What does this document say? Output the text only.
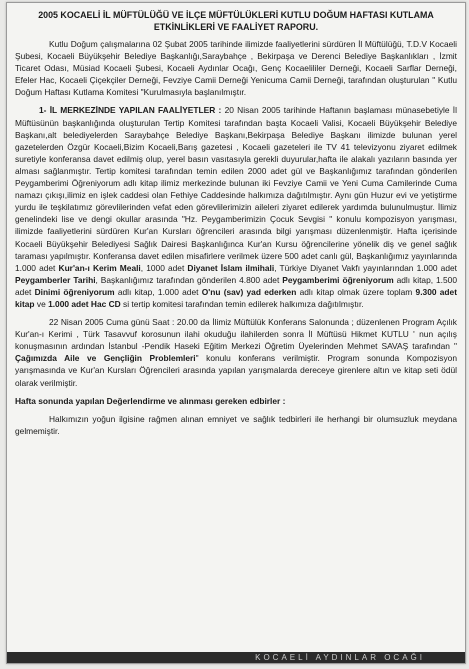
2005 KOCAELİ İL MÜFTÜLÜĞÜ VE İLÇE MÜFTÜLÜKLERİ KUTLU DOĞUM HAFTASI KUTLAMA ETKİNLİKLERİ VE FAALİYET RAPORU.

Kutlu Doğum çalışmalarına 02 Şubat 2005 tarihinde ilimizde faaliyetlerini sürdüren İl Müftülüğü, T.D.V Kocaeli Şubesi, Kocaeli Büyükşehir Belediye Başkanlığı,Saraybahçe , Bekirpaşa ve Derenci Belediye Başkanlıkları , İzmit Ticaret Odası, Müsiad Kocaeli Şubesi, Kocaeli Aydınlar Ocağı, Genç Kocaelililer Derneği, Kocaeli Sarflar Derneği, Efeler Hac, Kocaeli Çiçekçiler Derneği, Fevziye Camii Derneği Yenicuma Camii Derneği, tarafından oluşturulan " Kutlu Doğum Haftası Kutlama Komitesi "Kurulmasıyla başlanılmıştır.

1- İL MERKEZİNDE YAPILAN FAALİYETLER : 20 Nisan 2005 tarihinde Haftanın başlaması münasebetiyle İl Müftüsünün başkanlığında oluşturulan Tertip Komitesi tarafından başta Kocaeli Valisi, Kocaeli Büyükşehir Belediye Başkanı,alt belediyelerden Saraybahçe Belediye Başkanı,Bekirpaşa Belediye Başkanı ilimizde bulunan yerel gazetelerden Özgür Kocaeli,Bizim Kocaeli,Barış gazetesi , Kocaeli gazeteleri ile TV 41 televizyonu ziyaret edilmek suretiyle konferansa davet edilmiş olup, yerel basın vasıtasıyla gerekli duyurular,hafta ile alakalı yazıların basında yer alması sağlanmıştır. Tertip komitesi tarafından temin edilen 2000 adet gül ve Başkanlığımız tarafından gönderilen Peygamberimi Öğreniyorum adlı kitap ilimiz merkezinde bulunan iki Fevziye Camii ve Yeni Cuma Camilerinde Cuma namazı çıkışı,ilimiz en işlek caddesi olan Fethiye Caddesinde halkımıza dağıtılmıştır. Aynı gün Huzur evi ve yetiştirme yurdu ile teşkilatımız görevlilerinden vefat eden görevlilerimizin aileleri ziyaret edilerek yardımda bulunulmuştur. İlimiz genelindeki lise ve dengi okullar arasında "Hz. Peygamberimizin Çocuk Sevgisi " konulu kompozisyon yarışması, ilimizde faaliyetlerini sürdüren Kur'an Kursları öğrencileri arasında bilgi yarışması düzenlenmiştir. Hafta içerisinde Kocaeli Büyükşehir Belediyesi Sağlık Dairesi Başkanlığınca Kur'an Kursu öğrencilerine yönelik diş ve genel sağlık taraması yapılmıştır. Konferansa davet edilen misafirlere verilmek üzere 500 adet canlı gül, Başkanlığımız yayınlarında 1.000 adet Kur'an-ı Kerim Meali, 1000 adet Diyanet İslam ilmihali, Türkiye Diyanet Vakfı yayınlarından 1.000 adet Peygamberler Tarihi, Başkanlığımız tarafından gönderilen 4.800 adet Peygamberimi öğreniyorum adlı kitap, 1.500 adet Dinimi öğreniyorum adlı kitap, 1.000 adet O'nu (sav) yad ederken adlı kitap olmak üzere toplam 9.300 adet kitap ve 1.000 adet Hac CD si tertip komitesi tarafından temin edilerek halkımıza dağıtılmıştır.

22 Nisan 2005 Cuma günü Saat : 20.00 da İlimiz Müftülük Konferans Salonunda ; düzenlenen Program Açılık Kur'an-ı Kerimi , Türk Tasavvuf korosunun ilahi okuduğu ilahilerden sonra İl Müftüsü Hikmet KUTLU ' nun açılış konuşmasının ardından İstanbul -Pendik Haseki Eğitim Merkezi Öğretim Üyelerinden Mehmet SAVAŞ tarafından " Çağımızda Aile ve Gençliğin Problemleri" konulu konferans verilmiştir. Program sonunda Kompozisyon yarışmasında ve Kur'an Kursları Öğrencileri arasında yapılan yarışmalarda dereceye girenlere altın ve kitap seti ödül olarak verilmiştir.

Hafta sonunda yapılan Değerlendirme ve alınması gereken edbirler :

Halkımızın yoğun ilgisine rağmen alınan emniyet ve sağlık tedbirleri ile herhangi bir olumsuzluk meydana gelmemiştir.

KOCAELİ AYDINLAR OCAĞI
